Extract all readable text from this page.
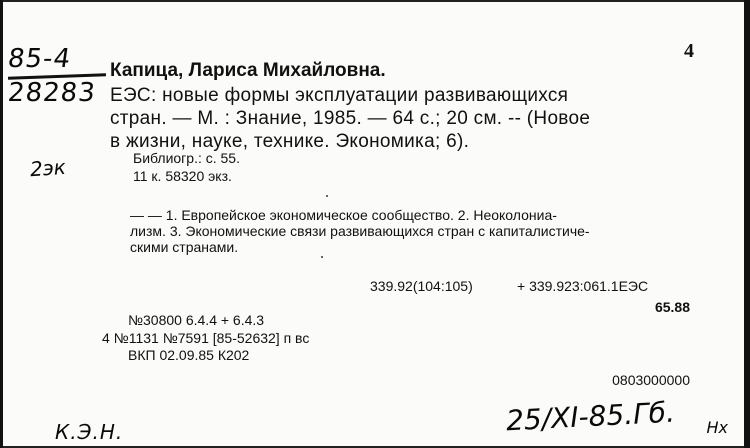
85-4
28283
4
Капица, Лариса Михайловна.
ЕЭС: новые формы эксплуатации развивающихся
стран. — М. : Знание, 1985. — 64 с.; 20 см. -- (Новое
в жизни, науке, технике. Экономика; 6).
2эк	Библиогр.: с. 55.
11 к. 58320 экз.
— — 1. Европейское экономическое сообщество. 2. Неоколониа-
лизм. 3. Экономические связи развивающихся стран с капиталистиче-
скими странами.
339.92(104:105)	+ 339.923:061.1ЕЭС
65.88
№30800 6.4.4 + 6.4.3
4 №1131 №7591 [85-52632] п вс
ВКП 02.09.85 К202
0803000000
25/XI-85.Гб. Нх
К.Э.Н.
